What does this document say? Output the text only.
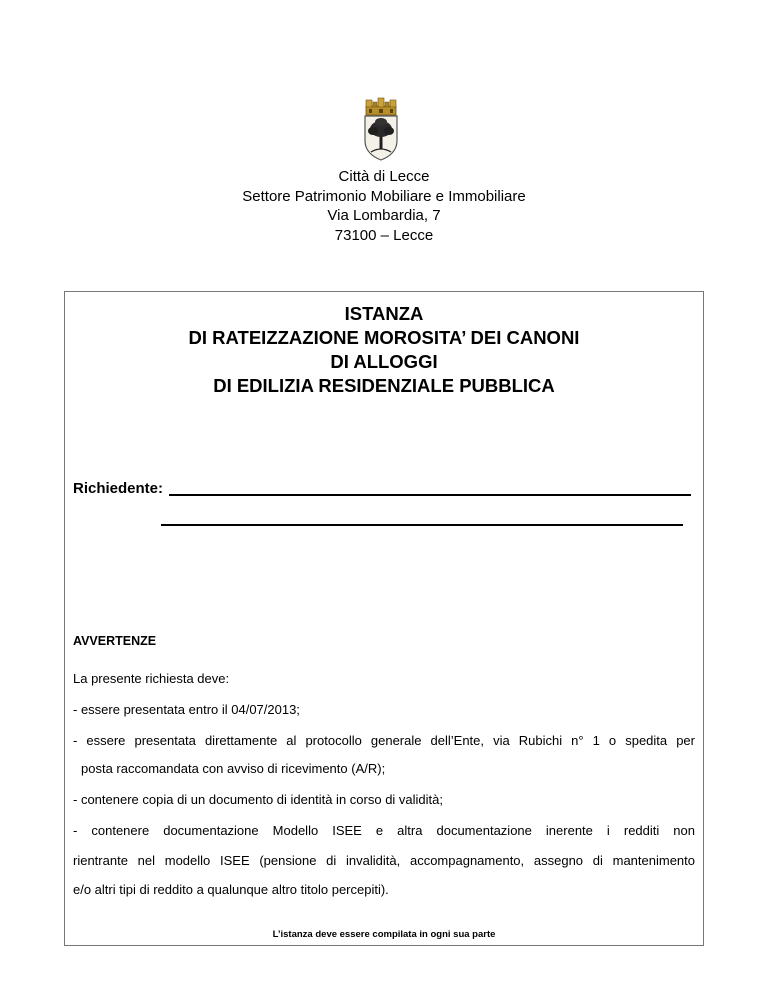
Città di Lecce
Settore Patrimonio Mobiliare e Immobiliare
Via Lombardia, 7
73100 – Lecce
ISTANZA
DI RATEIZZAZIONE MOROSITA’ DEI CANONI
DI ALLOGGI
DI EDILIZIA RESIDENZIALE PUBBLICA
Richiedente:
AVVERTENZE
La presente richiesta deve:
- essere presentata entro il 04/07/2013;
- essere presentata direttamente al protocollo generale dell’Ente, via Rubichi n° 1 o spedita per
posta raccomandata con avviso di ricevimento (A/R);
- contenere copia di un documento di identità in corso di validità;
- contenere documentazione Modello ISEE e altra documentazione inerente i redditi non
rientrante nel modello ISEE (pensione di invalidità, accompagnamento, assegno di mantenimento
e/o altri tipi di reddito a qualunque altro titolo percepiti).
L’istanza deve essere compilata in ogni sua parte
